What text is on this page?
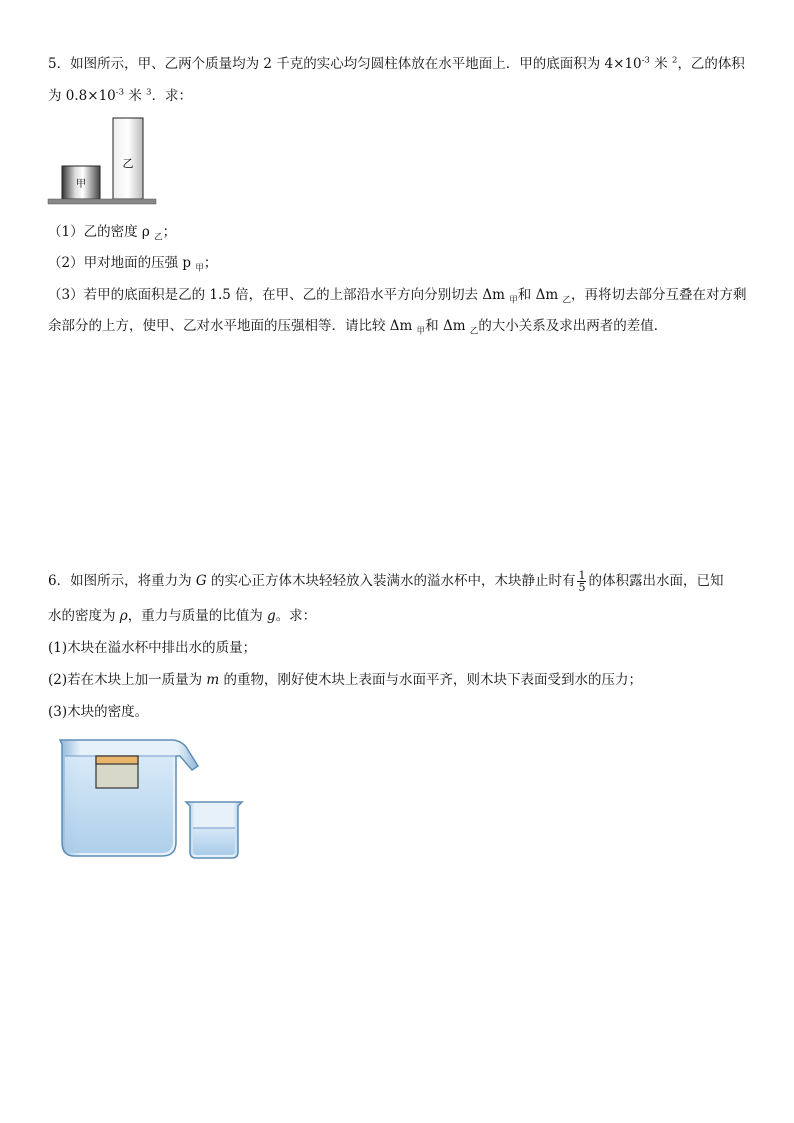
5．如图所示，甲、乙两个质量均为 2 千克的实心均匀圆柱体放在水平地面上．甲的底面积为 $4\times 10^{-3}$ 米 $^2$，乙的体积
为 $0.8\times 10^{-3}$ 米 $^3$．求：
甲
乙
（1）乙的密度 ρ $_乙$；
（2）甲对地面的压强 p $_甲$；
（3）若甲的底面积是乙的 1.5 倍，在甲、乙的上部沿水平方向分别切去 Δm $_甲$和 Δm $_乙$，再将切去部分互叠在对方剩
余部分的上方，使甲、乙对水平地面的压强相等．请比较 Δm $_甲$和 Δm $_乙$的大小关系及求出两者的差值．
6．如图所示，将重力为 G 的实心正方体木块轻轻放入装满水的溢水杯中，木块静止时有 $\frac{1}{5}$ 的体积露出水面，已知
水的密度为 ρ，重力与质量的比值为 g。求：
(1)木块在溢水杯中排出水的质量；
(2)若在木块上加一质量为 m 的重物，刚好使木块上表面与水面平齐，则木块下表面受到水的压力；
(3)木块的密度。
